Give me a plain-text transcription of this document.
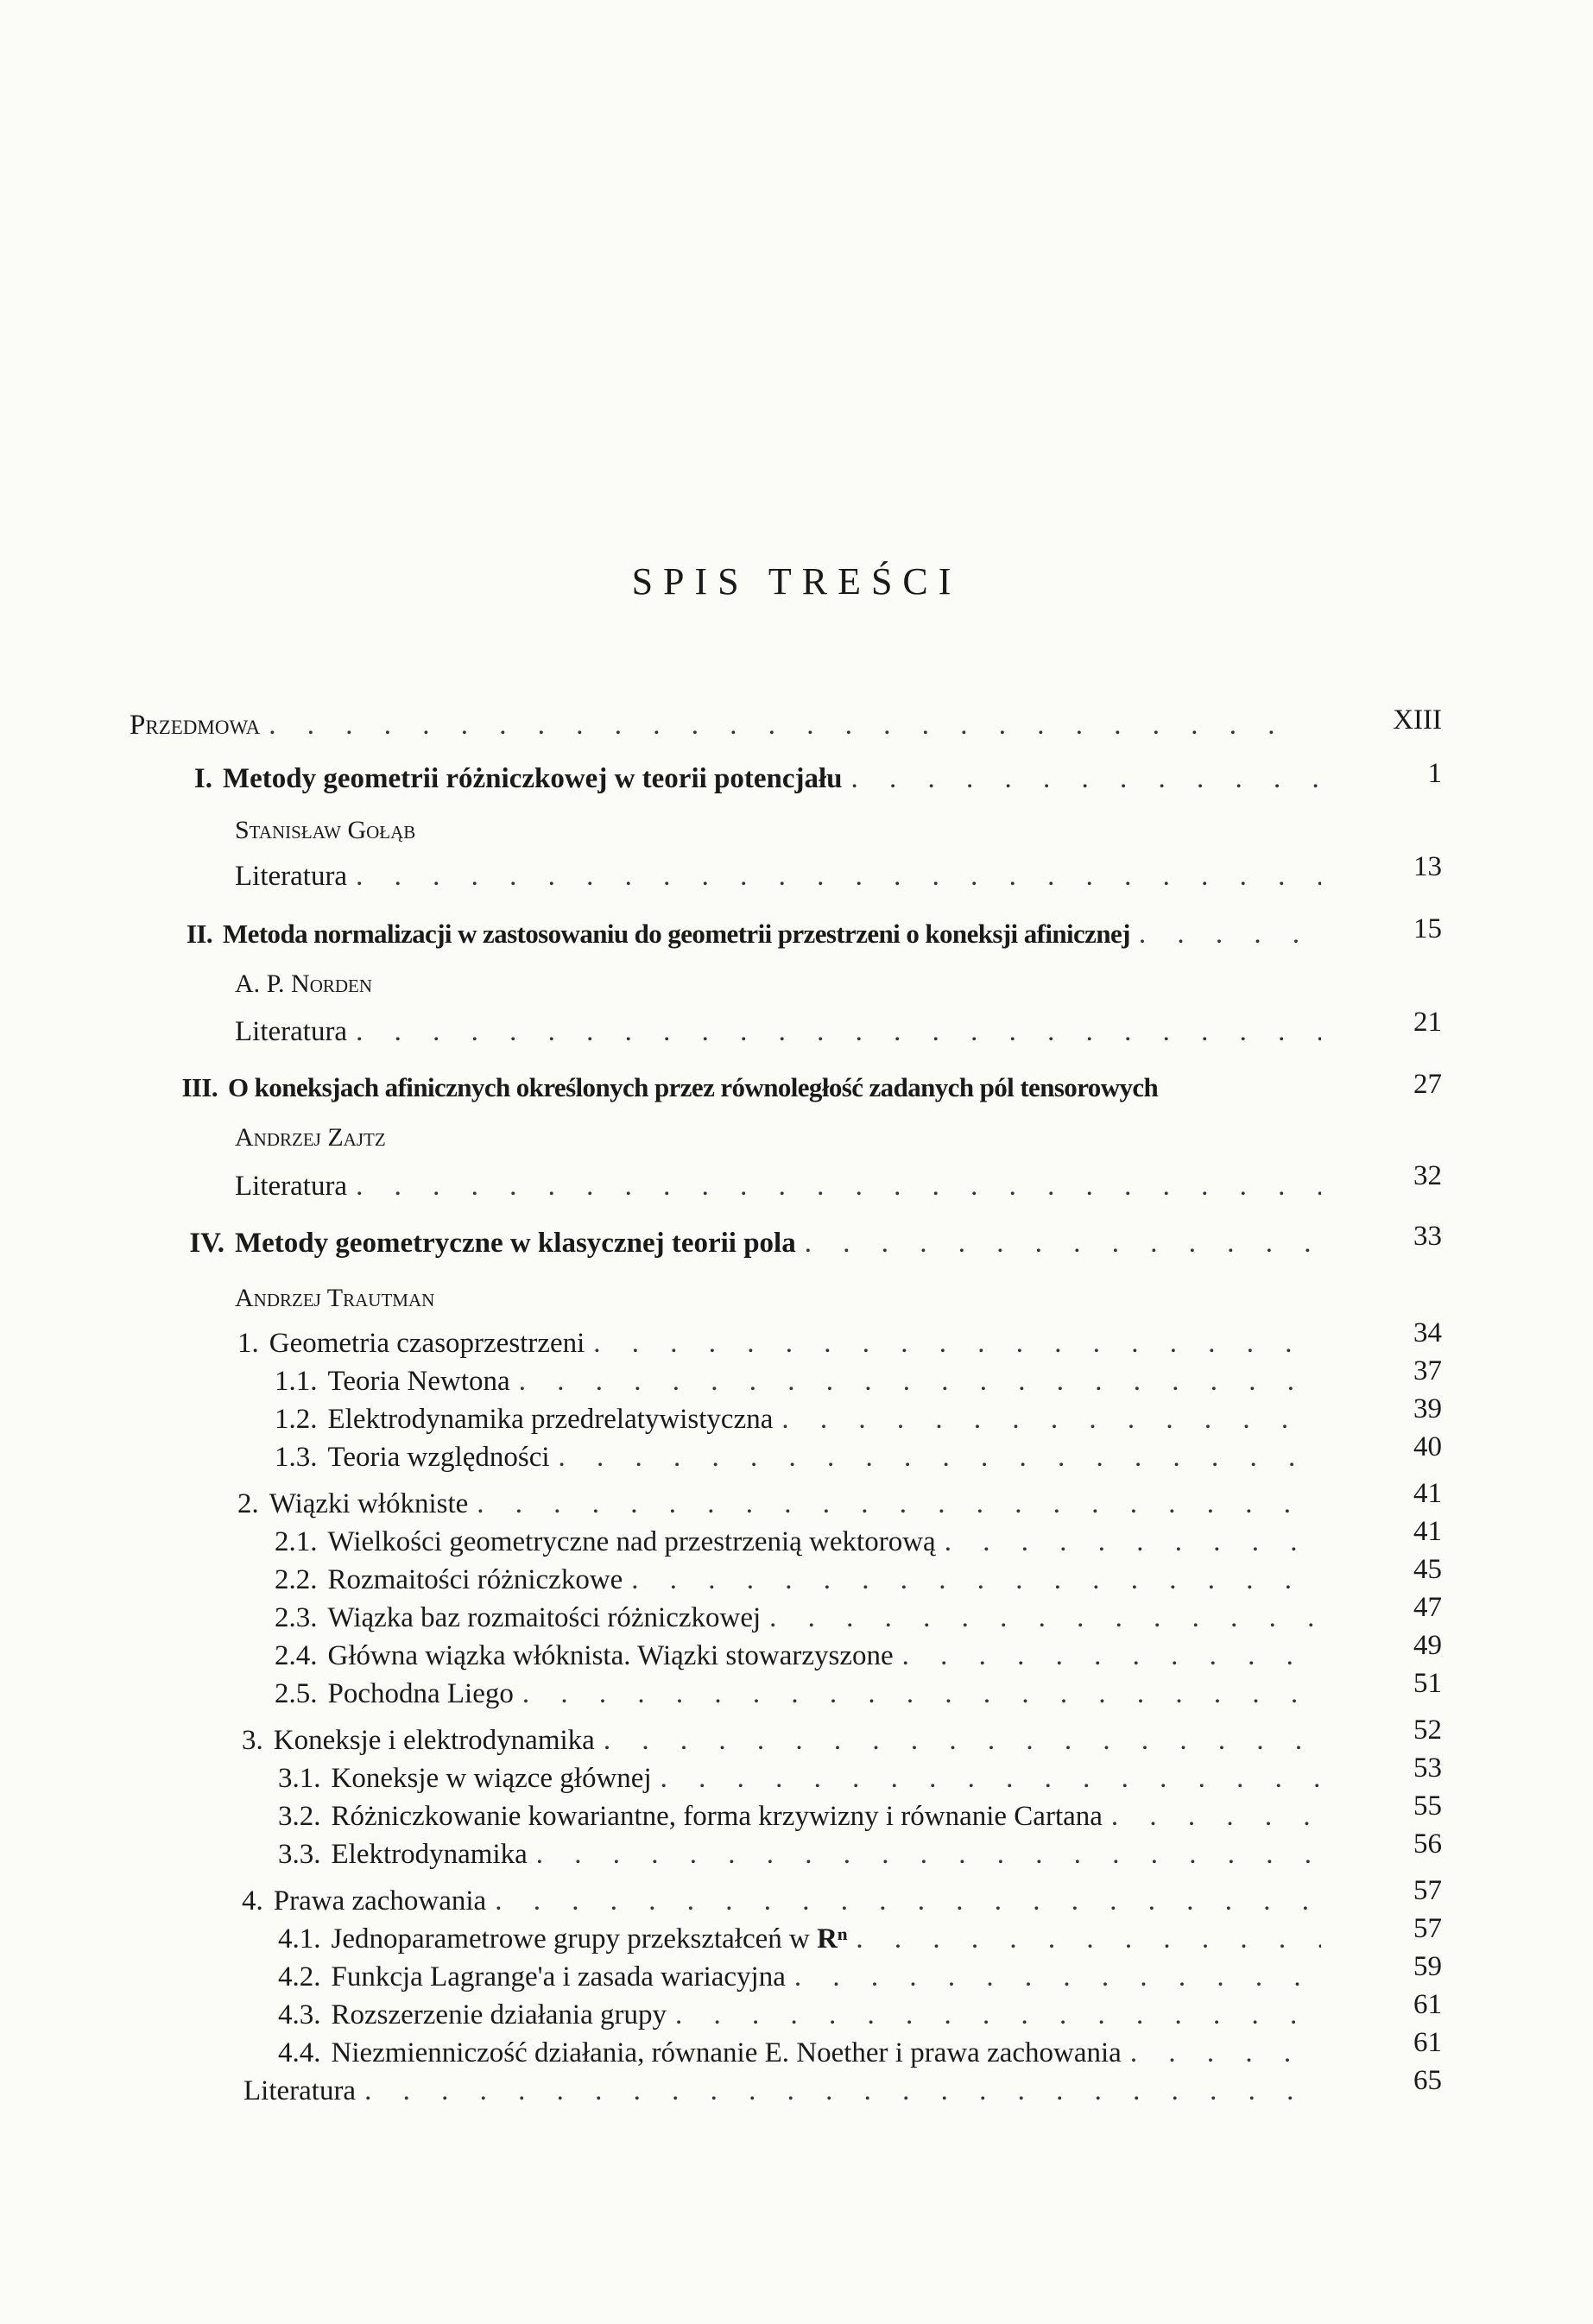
SPIS TREŚCI
Przedmowa . . .	XIII
I. Metody geometrii różniczkowej w teorii potencjału . . .	1
Stanisław Gołąb
Literatura . . .	13
II. Metoda normalizacji w zastosowaniu do geometrii przestrzeni o koneksji afinicznej . . .	15
A. P. Norden
Literatura . . .	21
III. O koneksjach afinicznych określonych przez równoległość zadanych pól tensorowych	27
Andrzej Zajtz
Literatura . . .	32
IV. Metody geometryczne w klasycznej teorii pola . . .	33
Andrzej Trautman
1. Geometria czasoprzestrzeni . . .	34
1.1. Teoria Newtona . . .	37
1.2. Elektrodynamika przedrelatywistyczna . . .	39
1.3. Teoria względności . . .	40
2. Wiązki włókniste . . .	41
2.1. Wielkości geometryczne nad przestrzenią wektorową . . .	41
2.2. Rozmaitości różniczkowe . . .	45
2.3. Wiązka baz rozmaitości różniczkowej . . .	47
2.4. Główna wiązka włóknista. Wiązki stowarzyszone . . .	49
2.5. Pochodna Liego . . .	51
3. Koneksje i elektrodynamika . . .	52
3.1. Koneksje w wiązce głównej . . .	53
3.2. Różniczkowanie kowariantne, forma krzywizny i równanie Cartana . . .	55
3.3. Elektrodynamika . . .	56
4. Prawa zachowania . . .	57
4.1. Jednoparametrowe grupy przekształceń w Rⁿ . . .	57
4.2. Funkcja Lagrange'a i zasada wariacyjna . . .	59
4.3. Rozszerzenie działania grupy . . .	61
4.4. Niezmienniczość działania, równanie E. Noether i prawa zachowania . . .	61
Literatura . . .	65
